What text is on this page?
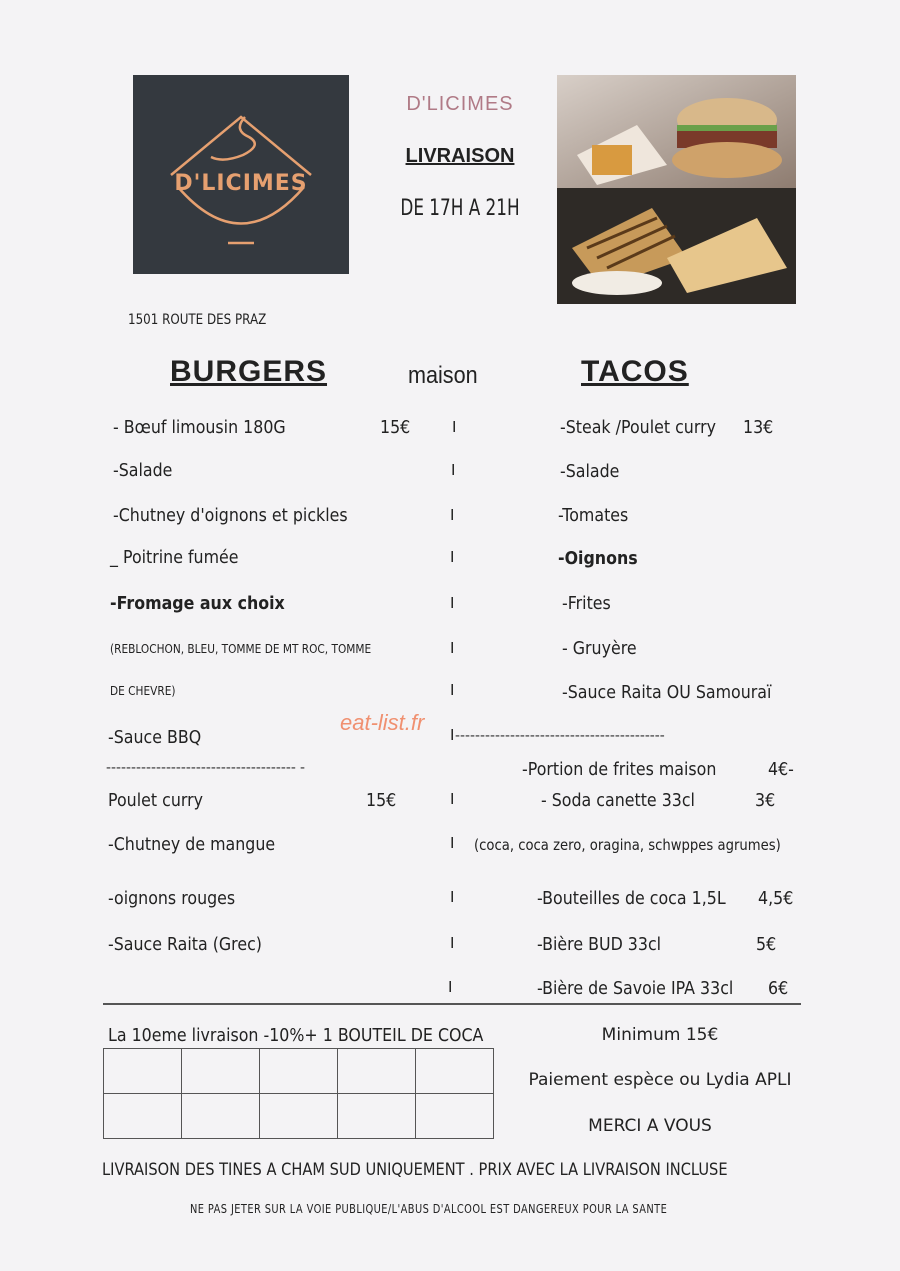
D'LICIMES
D'LICIMES
LIVRAISON
DE 17H A 21H
1501 ROUTE DES PRAZ
BURGERS	maison	TACOS
- Bœuf limousin 180G	15€
-Salade
-Chutney d'oignons et pickles
_ Poitrine fumée
-Fromage aux choix
(REBLOCHON, BLEU, TOMME DE MT ROC, TOMME
DE CHEVRE)
-Sauce BBQ
-------------------------------------- -
Poulet curry	15€
-Chutney de mangue
-oignons rouges
-Sauce Raita (Grec)
I
I
I
I
I
I
I
I
I
I
I
I
I
-Steak /Poulet curry 13€
-Salade
-Tomates
-Oignons
-Frites
- Gruyère
-Sauce Raita OU Samouraï
------------------------------------------
-Portion de frites maison	4€-
- Soda canette 33cl	3€
(coca, coca zero, oragina, schwppes agrumes)
-Bouteilles de coca 1,5L 4,5€
-Bière BUD 33cl	5€
-Bière de Savoie IPA 33cl 6€
eat-list.fr
La 10eme livraison -10%+ 1 BOUTEIL DE COCA

					Minimum 15€
Paiement espèce ou Lydia APLI
MERCI A VOUS
LIVRAISON DES TINES A CHAM SUD UNIQUEMENT . PRIX AVEC LA LIVRAISON INCLUSE
NE PAS JETER SUR LA VOIE PUBLIQUE/L'ABUS D'ALCOOL EST DANGEREUX POUR LA SANTE
